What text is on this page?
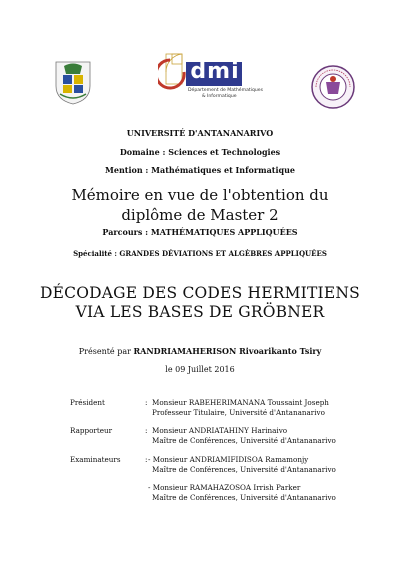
dmi
Département de Mathématiques
& Informatique
UNIVERSITÉ D'ANTANANARIVO
Domaine : Sciences et Technologies
Mention : Mathématiques et Informatique
Mémoire en vue de l'obtention du
diplôme de Master 2
Parcours : MATHÉMATIQUES APPLIQUÉES
Spécialité : GRANDES DÉVIATIONS ET ALGÈBRES APPLIQUÉES
DÉCODAGE DES CODES HERMITIENS
VIA LES BASES DE GRÖBNER
Présenté par RANDRIAMAHERISON Rivoarikanto Tsiry
le 09 Juillet 2016
Président	: Monsieur RABEHERIMANANA Toussaint Joseph
Professeur Titulaire, Université d'Antananarivo
Rapporteur	: Monsieur ANDRIATAHINY Harinaivo
Maître de Conférences, Université d'Antananarivo
Examinateurs	: - Monsieur ANDRIAMIFIDISOA Ramamonjy
Maître de Conférences, Université d'Antananarivo
- Monsieur RAMAHAZOSOA Irrish Parker
Maître de Conférences, Université d'Antananarivo
